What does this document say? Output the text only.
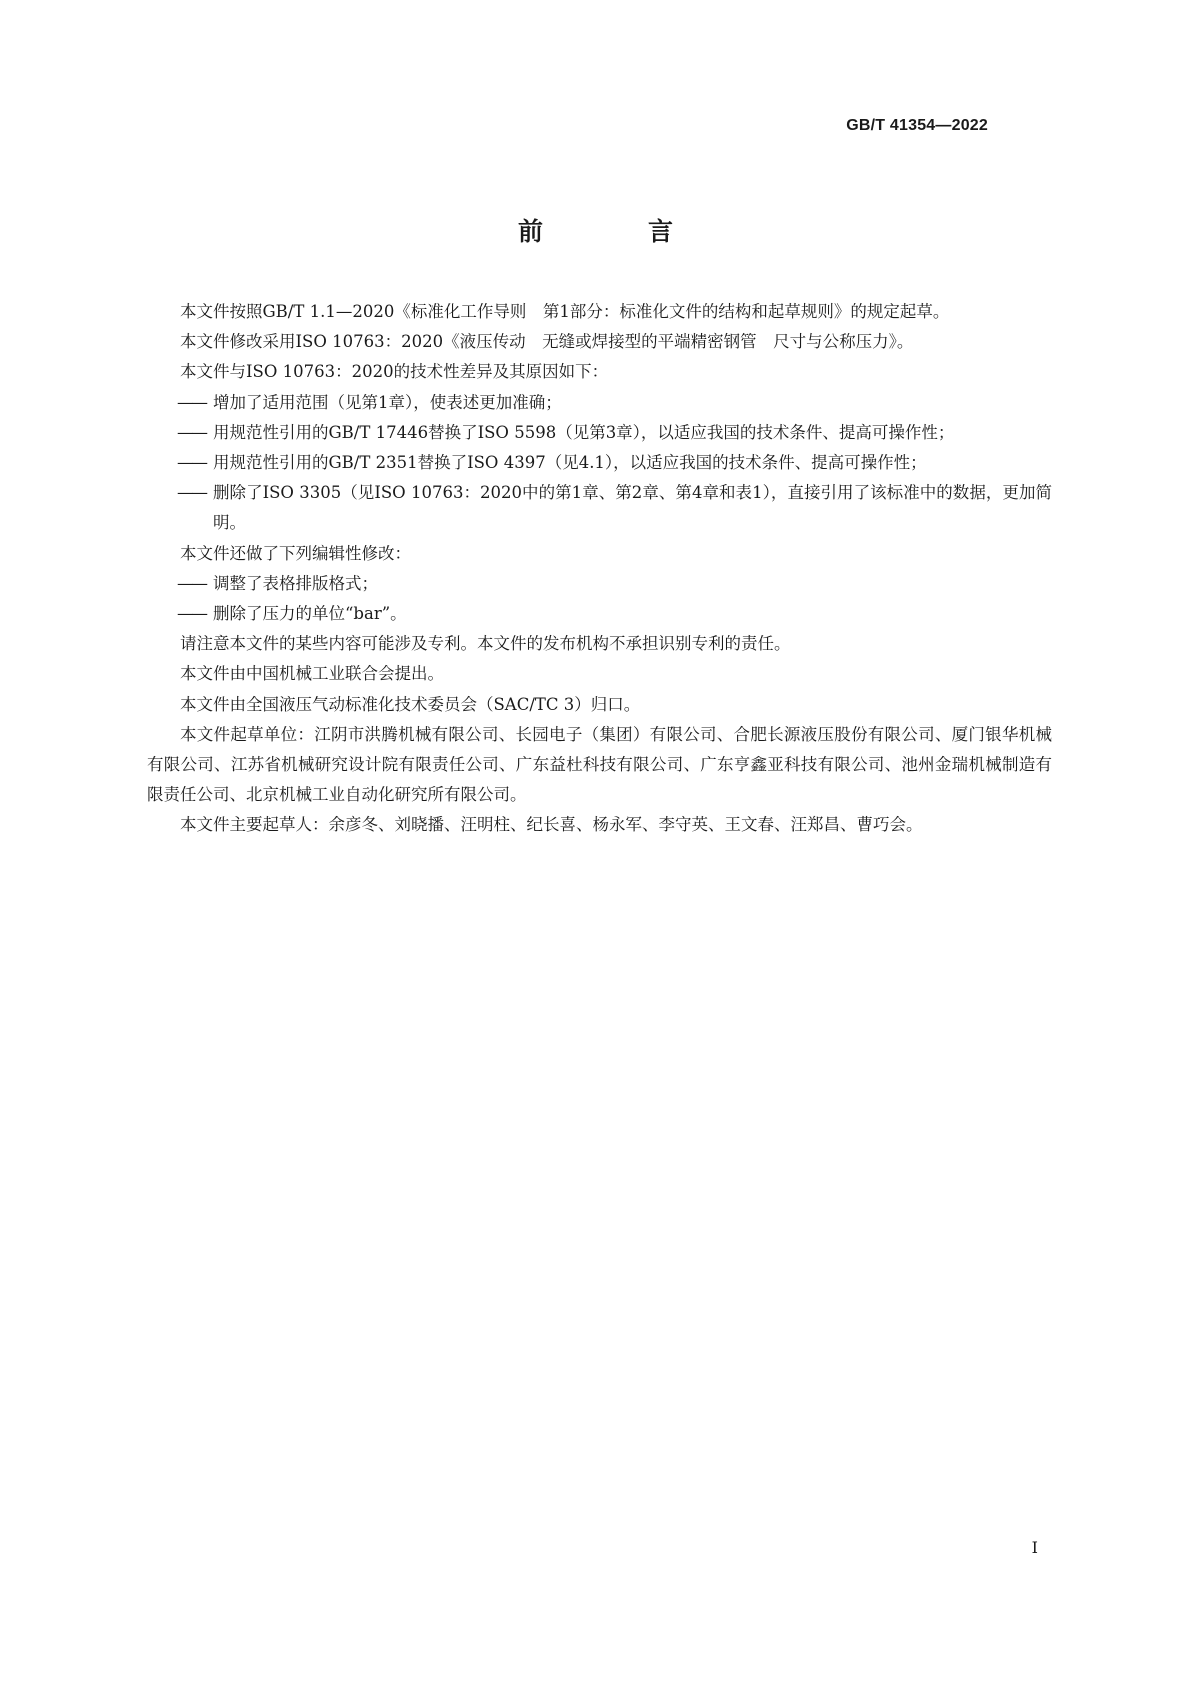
GB/T 41354—2022
前　言

本文件按照GB/T 1.1—2020《标准化工作导则　第1部分：标准化文件的结构和起草规则》的规定起草。

本文件修改采用ISO 10763：2020《液压传动　无缝或焊接型的平端精密钢管　尺寸与公称压力》。

本文件与ISO 10763：2020的技术性差异及其原因如下：

—— 增加了适用范围（见第1章），使表述更加准确；
—— 用规范性引用的GB/T 17446替换了ISO 5598（见第3章），以适应我国的技术条件、提高可操作性；
—— 用规范性引用的GB/T 2351替换了ISO 4397（见4.1），以适应我国的技术条件、提高可操作性；
—— 删除了ISO 3305（见ISO 10763：2020中的第1章、第2章、第4章和表1），直接引用了该标准中的数据，更加简明。

本文件还做了下列编辑性修改：

—— 调整了表格排版格式；
—— 删除了压力的单位“bar”。

请注意本文件的某些内容可能涉及专利。本文件的发布机构不承担识别专利的责任。

本文件由中国机械工业联合会提出。

本文件由全国液压气动标准化技术委员会（SAC/TC 3）归口。

本文件起草单位：江阴市洪腾机械有限公司、长园电子（集团）有限公司、合肥长源液压股份有限公司、厦门银华机械有限公司、江苏省机械研究设计院有限责任公司、广东益杜科技有限公司、广东亨鑫亚科技有限公司、池州金瑞机械制造有限责任公司、北京机械工业自动化研究所有限公司。

本文件主要起草人：余彦冬、刘晓播、汪明柱、纪长喜、杨永军、李守英、王文春、汪郑昌、曹巧会。

I
